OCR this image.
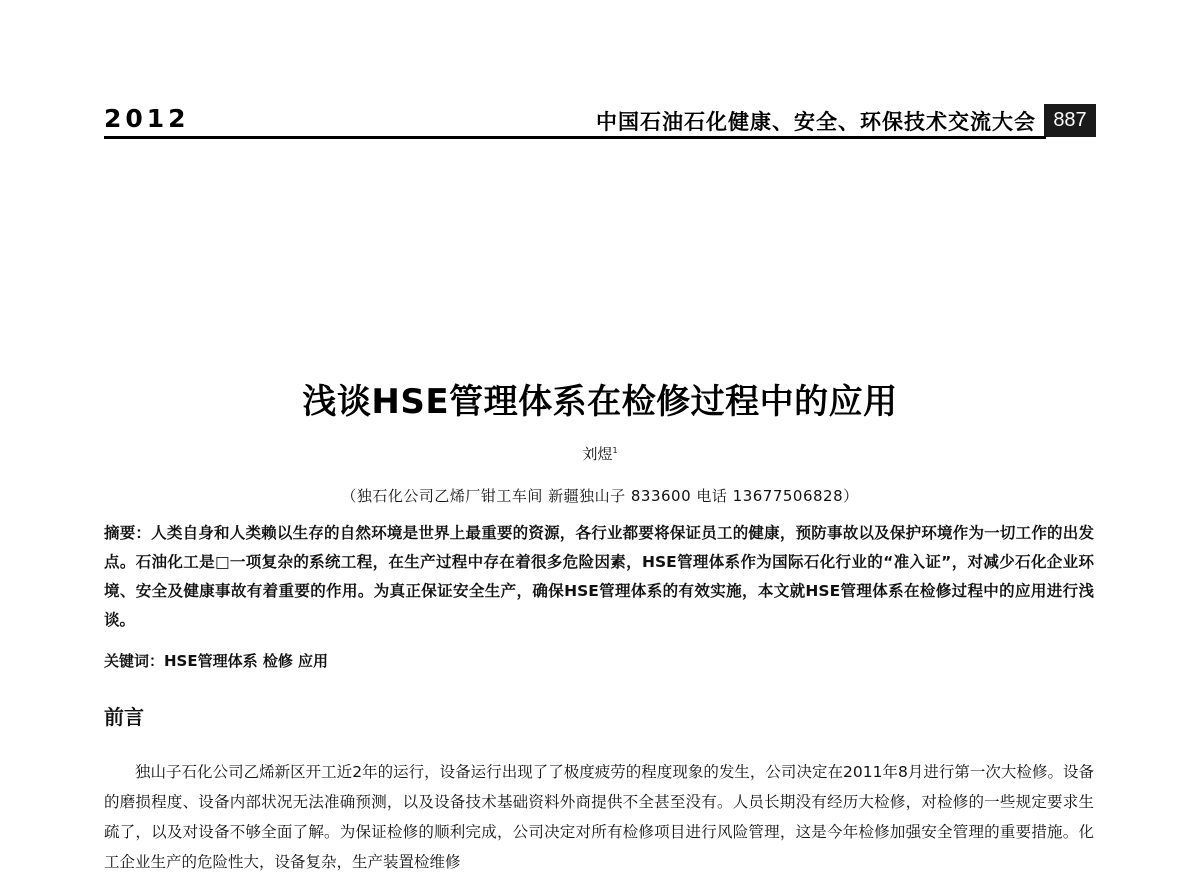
2012	中国石油石化健康、安全、环保技术交流大会 887
浅谈HSE管理体系在检修过程中的应用
刘煜$^1$
（独石化公司乙烯厂钳工车间 新疆独山子 833600 电话 13677506828）

摘要：人类自身和人类赖以生存的自然环境是世界上最重要的资源，各行业都要将保证员工的健康，预防事故以及保护环境作为一切工作的出发点。石油化工是□一项复杂的系统工程，在生产过程中存在着很多危险因素，HSE管理体系作为国际石化行业的“准入证”，对减少石化企业环境、安全及健康事故有着重要的作用。为真正保证安全生产，确保HSE管理体系的有效实施，本文就HSE管理体系在检修过程中的应用进行浅谈。

关键词：HSE管理体系 检修 应用
前言

独山子石化公司乙烯新区开工近2年的运行，设备运行出现了了极度疲劳的程度现象的发生，公司决定在2011年8月进行第一次大检修。设备的磨损程度、设备内部状况无法准确预测，以及设备技术基础资料外商提供不全甚至没有。人员长期没有经历大检修，对检修的一些规定要求生疏了，以及对设备不够全面了解。为保证检修的顺利完成，公司决定对所有检修项目进行风险管理，这是今年检修加强安全管理的重要措施。化工企业生产的危险性大，设备复杂，生产装置检维修
